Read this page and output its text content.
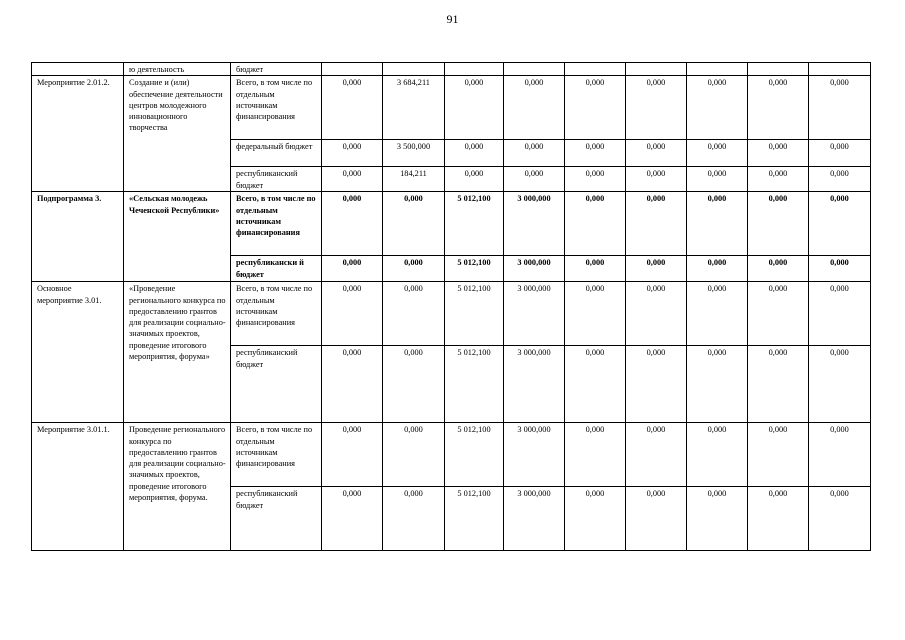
91
	ю деятельность	бюджет									
Мероприятие 2.01.2.	Создание и (или) обеспечение деятельности центров молодежного инновационного творчества	Всего, в том числе по отдельным источникам финансирования	0,000	3 684,211	0,000	0,000	0,000	0,000	0,000	0,000	0,000
		федеральный бюджет	0,000	3 500,000	0,000	0,000	0,000	0,000	0,000	0,000	0,000
		республиканский бюджет	0,000	184,211	0,000	0,000	0,000	0,000	0,000	0,000	0,000
Подпрограмма 3.	«Сельская молодежь Чеченской Республики»	Всего, в том числе по отдельным источникам финансирования	0,000	0,000	5 012,100	3 000,000	0,000	0,000	0,000	0,000	0,000
		республикански й бюджет	0,000	0,000	5 012,100	3 000,000	0,000	0,000	0,000	0,000	0,000
Основное мероприятие 3.01.	«Проведение регионального конкурса по предоставлению грантов для реализации социально-значимых проектов, проведение итогового мероприятия, форума»	Всего, в том числе по отдельным источникам финансирования	0,000	0,000	5 012,100	3 000,000	0,000	0,000	0,000	0,000	0,000
		республиканский бюджет	0,000	0,000	5 012,100	3 000,000	0,000	0,000	0,000	0,000	0,000
Мероприятие 3.01.1.	Проведение регионального конкурса по предоставлению грантов для реализации социально-значимых проектов, проведение итогового мероприятия, форума.	Всего, в том числе по отдельным источникам финансирования	0,000	0,000	5 012,100	3 000,000	0,000	0,000	0,000	0,000	0,000
		республиканский бюджет	0,000	0,000	5 012,100	3 000,000	0,000	0,000	0,000	0,000	0,000
